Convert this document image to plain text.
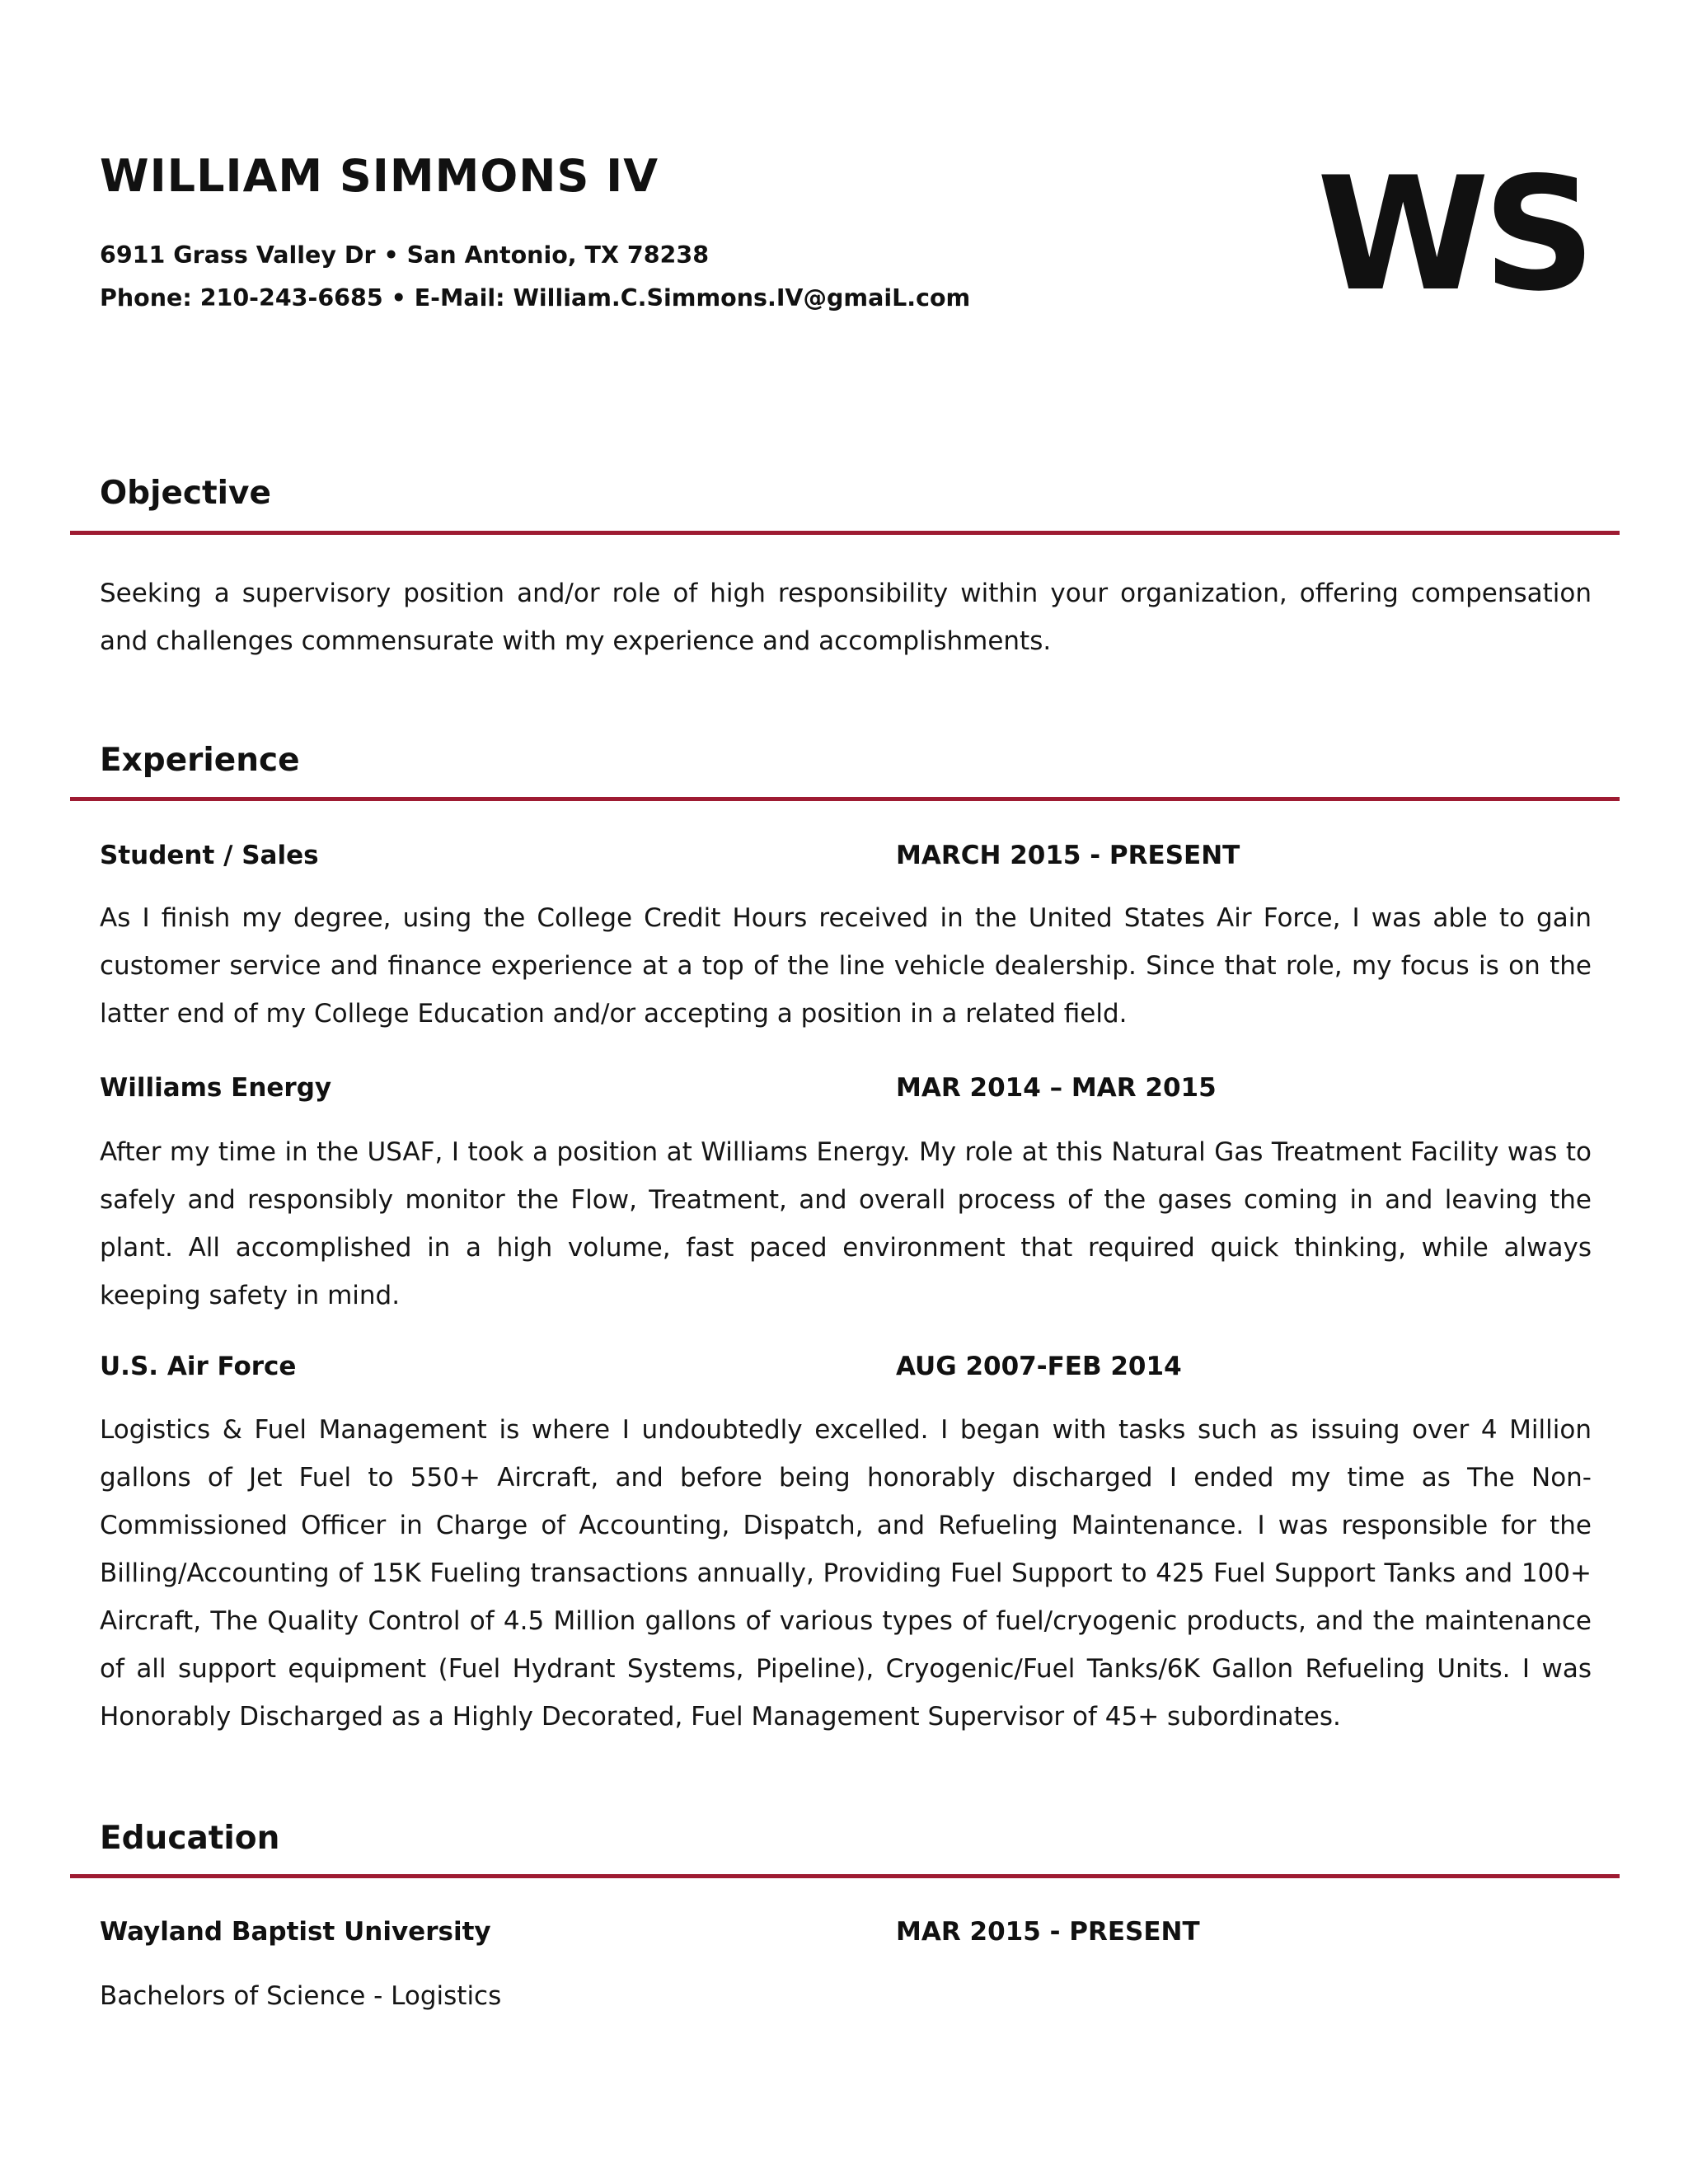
WILLIAM SIMMONS IV

6911 Grass Valley Dr • San Antonio, TX 78238

Phone: 210-243-6685 • E-Mail: William.C.Simmons.IV@gmaiL.com WS
Objective

Seeking a supervisory position and/or role of high responsibility within your organization, offering compensation and challenges commensurate with my experience and accomplishments.

Experience

Student / Sales	MARCH 2015 - PRESENT

As I finish my degree, using the College Credit Hours received in the United States Air Force, I was able to gain customer service and finance experience at a top of the line vehicle dealership. Since that role, my focus is on the latter end of my College Education and/or accepting a position in a related field.

Williams Energy	MAR 2014 – MAR 2015

After my time in the USAF, I took a position at Williams Energy. My role at this Natural Gas Treatment Facility was to safely and responsibly monitor the Flow, Treatment, and overall process of the gases coming in and leaving the plant. All accomplished in a high volume, fast paced environment that required quick thinking, while always keeping safety in mind.

U.S. Air Force	AUG 2007-FEB 2014

Logistics & Fuel Management is where I undoubtedly excelled. I began with tasks such as issuing over 4 Million gallons of Jet Fuel to 550+ Aircraft, and before being honorably discharged I ended my time as The Non-Commissioned Officer in Charge of Accounting, Dispatch, and Refueling Maintenance. I was responsible for the Billing/Accounting of 15K Fueling transactions annually, Providing Fuel Support to 425 Fuel Support Tanks and 100+ Aircraft, The Quality Control of 4.5 Million gallons of various types of fuel/cryogenic products, and the maintenance of all support equipment (Fuel Hydrant Systems, Pipeline), Cryogenic/Fuel Tanks/6K Gallon Refueling Units. I was Honorably Discharged as a Highly Decorated, Fuel Management Supervisor of 45+ subordinates.

Education

Wayland Baptist University	MAR 2015 - PRESENT

Bachelors of Science - Logistics
